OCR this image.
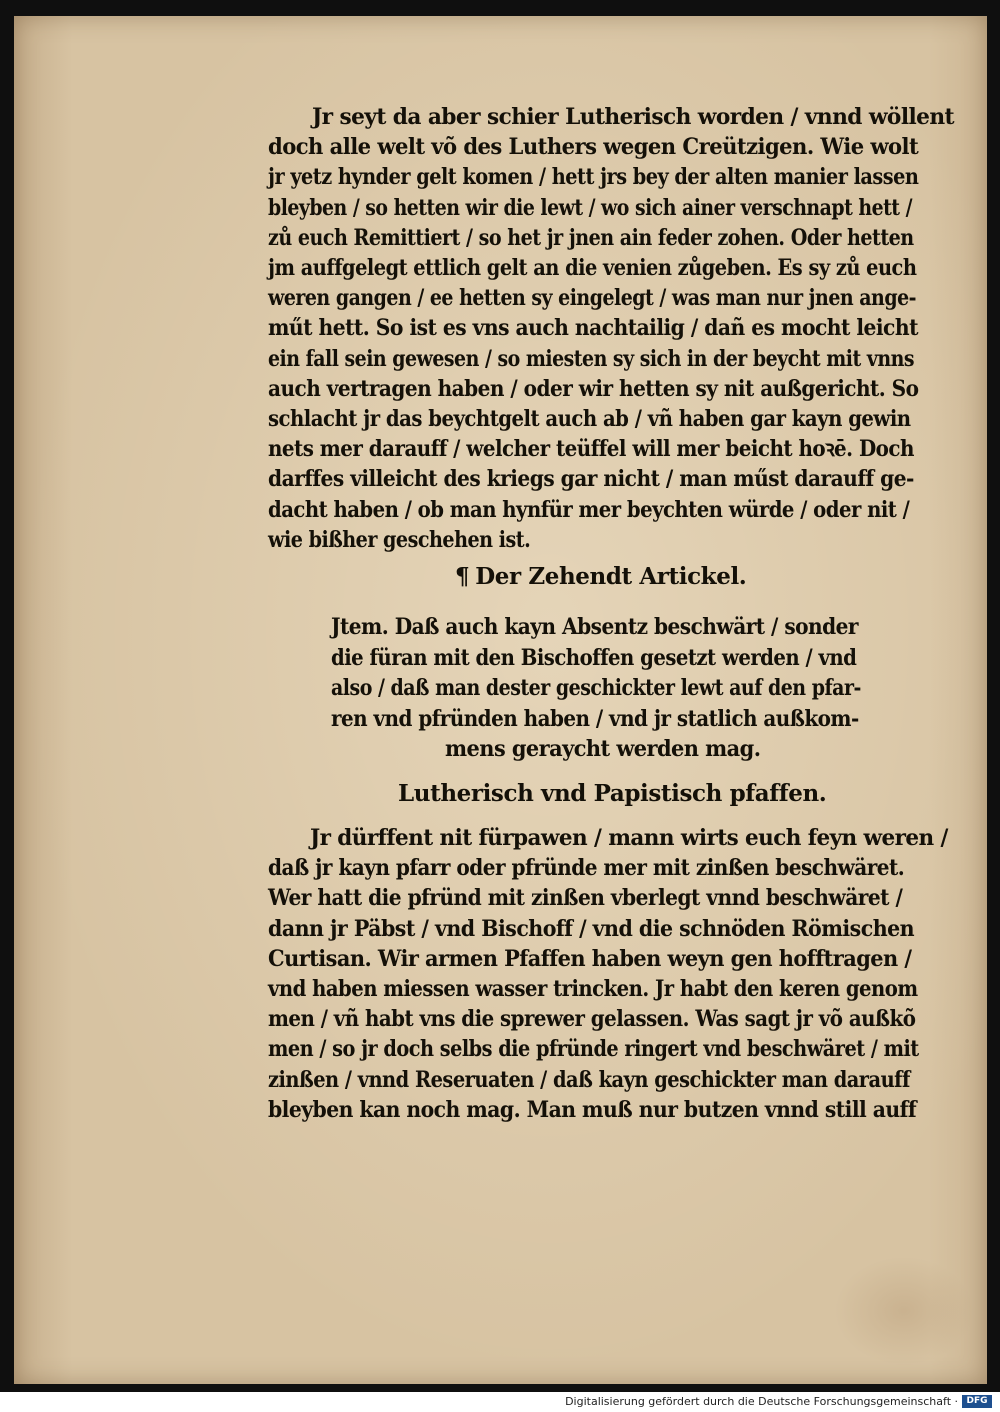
Jr seyt da aber schier Lutherisch worden / vnnd wöllent
doch alle welt võ des Luthers wegen Creützigen. Wie wolt
jr yetz hynder gelt komen / hett jrs bey der alten manier lassen
bleyben / so hetten wir die lewt / wo sich ainer verschnapt hett /
zů euch Remittiert / so het jr jnen ain feder zohen. Oder hetten
jm auffgelegt ettlich gelt an die venien zůgeben. Es sy zů euch
weren gangen / ee hetten sy eingelegt / was man nur jnen ange-
műt hett. So ist es vns auch nachtailig / dañ es mocht leicht
ein fall sein gewesen / so miesten sy sich in der beycht mit vnns
auch vertragen haben / oder wir hetten sy nit außgericht. So
schlacht jr das beychtgelt auch ab / vñ haben gar kayn gewin
nets mer darauff / welcher teüffel will mer beicht hoꝛē. Doch
darffes villeicht des kriegs gar nicht / man műst darauff ge-
dacht haben / ob man hynfür mer beychten würde / oder nit /
wie bißher geschehen ist.
¶ Der Zehendt Artickel.
Jtem. Daß auch kayn Absentz beschwärt / sonder
die füran mit den Bischoffen gesetzt werden / vnd
also / daß man dester geschickter lewt auf den pfar-
ren vnd pfründen haben / vnd jr statlich außkom-
mens geraycht werden mag.
Lutherisch vnd Papistisch pfaffen.
Jr dürffent nit fürpawen / mann wirts euch feyn weren /
daß jr kayn pfarr oder pfründe mer mit zinßen beschwäret.
Wer hatt die pfründ mit zinßen vberlegt vnnd beschwäret /
dann jr Päbst / vnd Bischoff / vnd die schnöden Römischen
Curtisan. Wir armen Pfaffen haben weyn gen hofftragen /
vnd haben miessen wasser trincken. Jr habt den keren genom
men / vñ habt vns die sprewer gelassen. Was sagt jr võ außkõ
men / so jr doch selbs die pfründe ringert vnd beschwäret / mit
zinßen / vnnd Reseruaten / daß kayn geschickter man darauff
bleyben kan noch mag. Man muß nur butzen vnnd still auff
Digitalisierung gefördert durch die Deutsche Forschungsgemeinschaft · DFG
